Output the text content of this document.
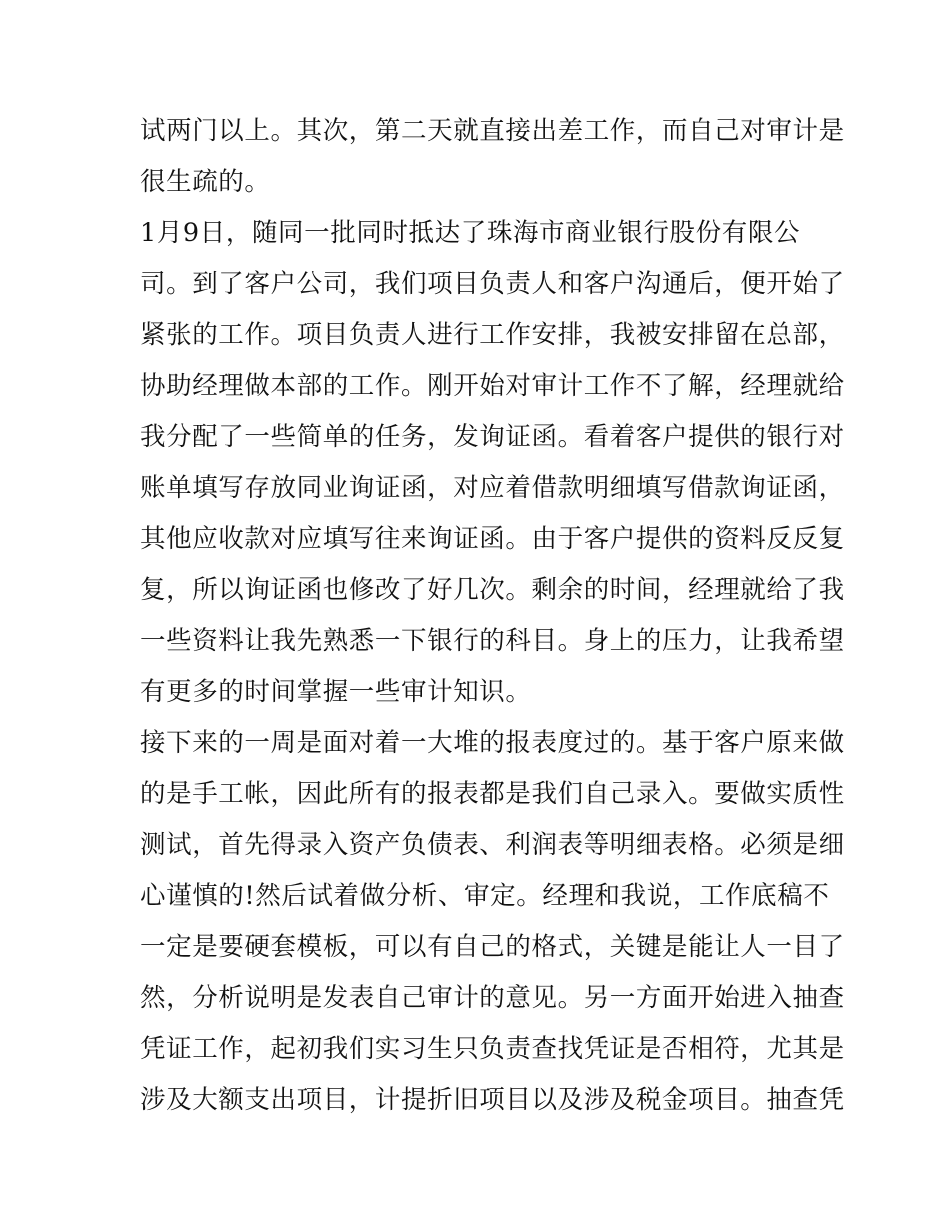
试两门以上。其次，第二天就直接出差工作，而自己对审计是
很生疏的。
1月9日，随同一批同时抵达了珠海市商业银行股份有限公
司。到了客户公司，我们项目负责人和客户沟通后，便开始了
紧张的工作。项目负责人进行工作安排，我被安排留在总部，
协助经理做本部的工作。刚开始对审计工作不了解，经理就给
我分配了一些简单的任务，发询证函。看着客户提供的银行对
账单填写存放同业询证函，对应着借款明细填写借款询证函，
其他应收款对应填写往来询证函。由于客户提供的资料反反复
复，所以询证函也修改了好几次。剩余的时间，经理就给了我
一些资料让我先熟悉一下银行的科目。身上的压力，让我希望
有更多的时间掌握一些审计知识。
接下来的一周是面对着一大堆的报表度过的。基于客户原来做
的是手工帐，因此所有的报表都是我们自己录入。要做实质性
测试，首先得录入资产负债表、利润表等明细表格。必须是细
心谨慎的!然后试着做分析、审定。经理和我说，工作底稿不
一定是要硬套模板，可以有自己的格式，关键是能让人一目了
然，分析说明是发表自己审计的意见。另一方面开始进入抽查
凭证工作，起初我们实习生只负责查找凭证是否相符，尤其是
涉及大额支出项目，计提折旧项目以及涉及税金项目。抽查凭
